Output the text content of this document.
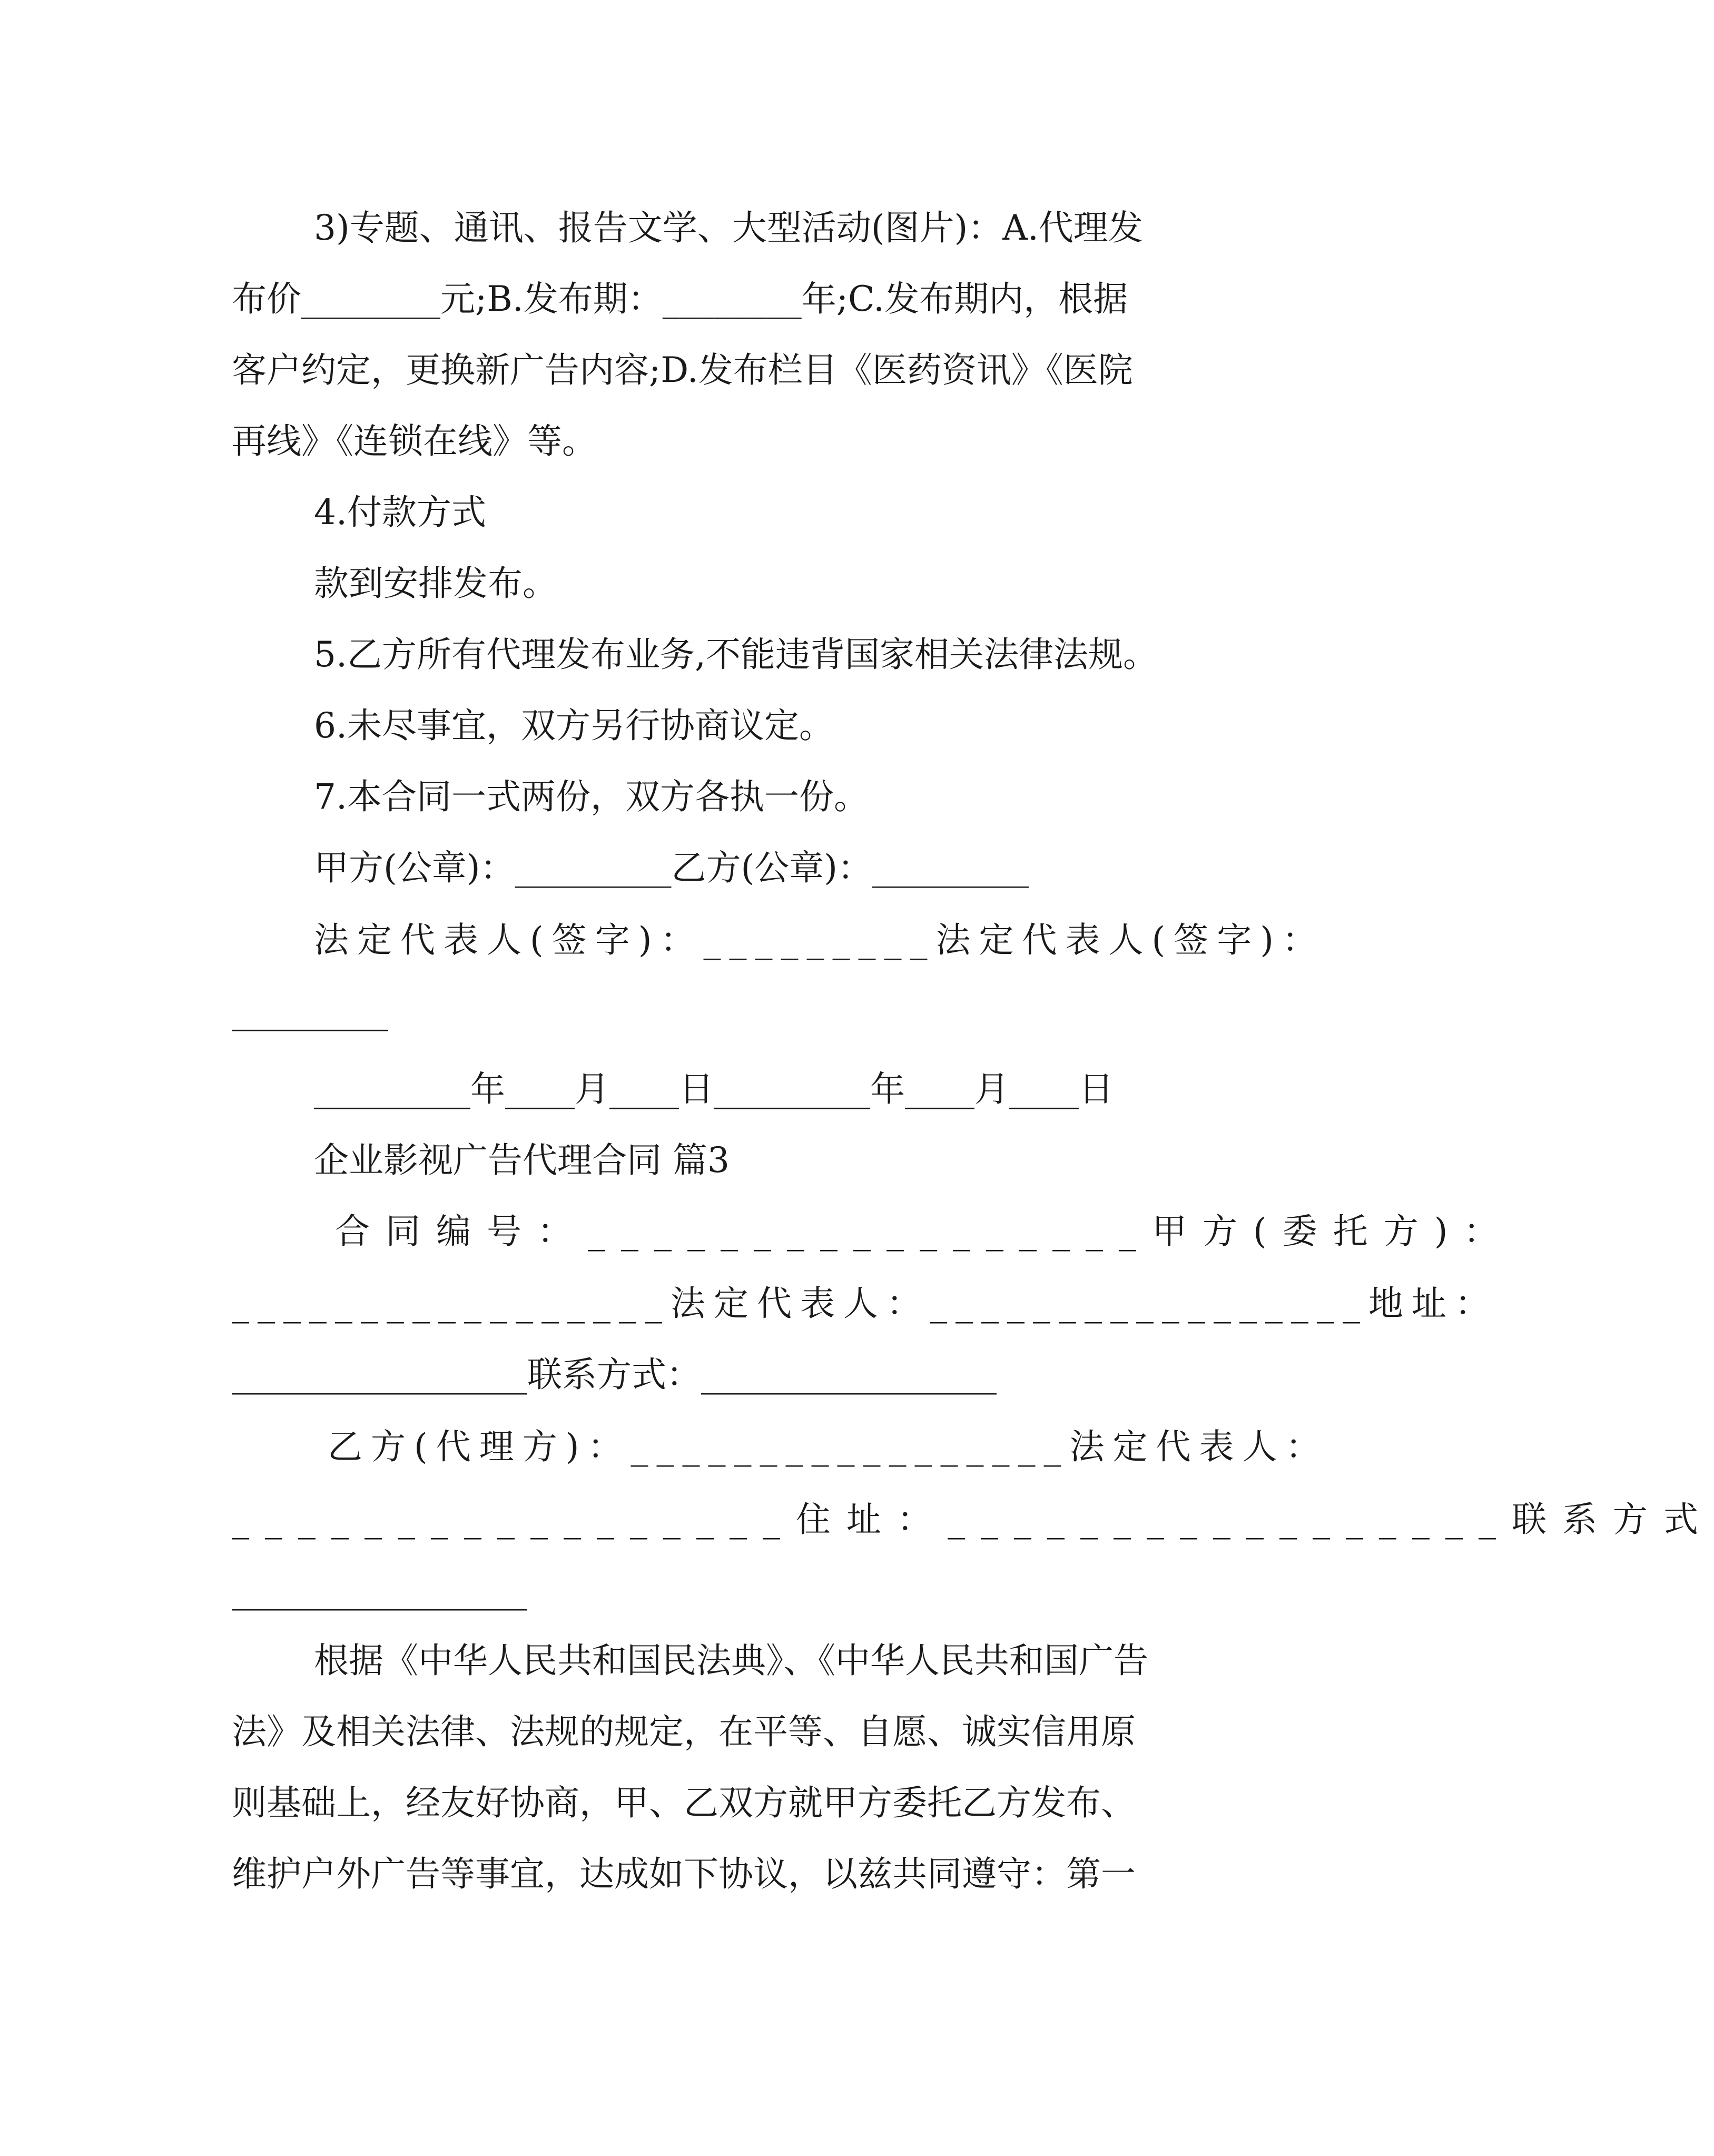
3)专题、通讯、报告文学、大型活动(图片)：A.代理发
布价________元;B.发布期：________年;C.发布期内，根据
客户约定，更换新广告内容;D.发布栏目《医药资讯》《医院
再线》《连锁在线》等。
4.付款方式
款到安排发布。
5.乙方所有代理发布业务,不能违背国家相关法律法规。
6.未尽事宜，双方另行协商议定。
7.本合同一式两份，双方各执一份。
甲方(公章)：_________乙方(公章)：_________
法定代表人(签字)：_________法定代表人(签字)：
_________
_________年____月____日_________年____月____日
企业影视广告代理合同 篇3
合同编号：_________________甲方(委托方)：
_________________法定代表人：_________________地址：
_________________联系方式：_________________
乙方(代理方)：_________________法定代表人：
_________________住址：_________________联系方式
_________________
根据《中华人民共和国民法典》、《中华人民共和国广告
法》及相关法律、法规的规定，在平等、自愿、诚实信用原
则基础上，经友好协商，甲、乙双方就甲方委托乙方发布、
维护户外广告等事宜，达成如下协议，以兹共同遵守：第一
